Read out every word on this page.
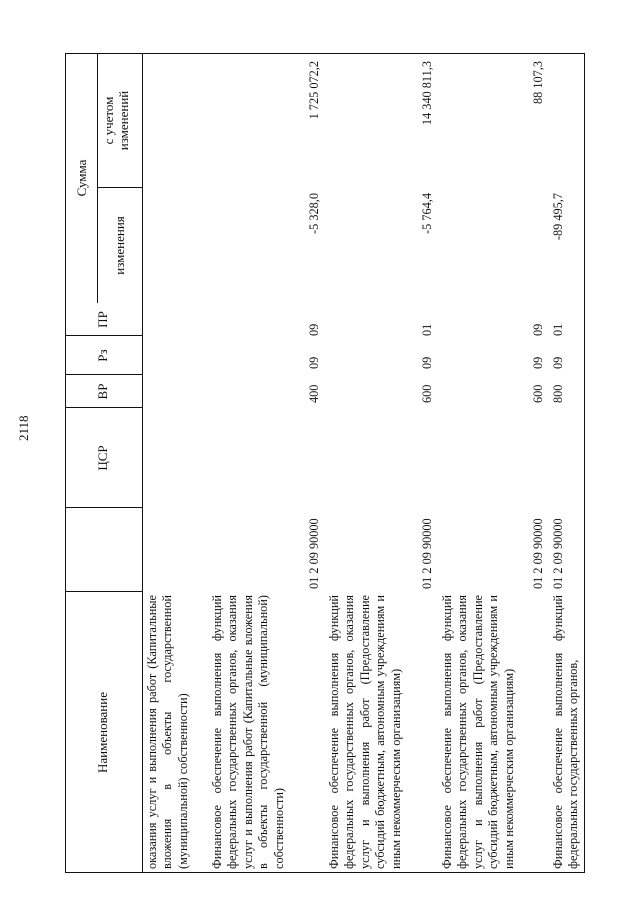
2118
Наименование
ЦСР
ВР
Рз
ПР
Сумма
изменения
с учетом изменений
оказания услуг и выполнения работ (Капитальные вложения в объекты государственной (муниципальной) собственности) Финансовое обеспечение выполнения функций федеральных государственных органов, оказания услуг и выполнения работ (Капитальные вложения в объекты государственной (муниципальной) собственности)
01 2 09 90000
400
09
09
-5 328,0
1 725 072,2
Финансовое обеспечение выполнения функций федеральных государственных органов, оказания услуг и выполнения работ (Предоставление субсидий бюджетным, автономным учреждениям и иным некоммерческим организациям)
01 2 09 90000
600
09
01
-5 764,4
14 340 811,3
Финансовое обеспечение выполнения функций федеральных государственных органов, оказания услуг и выполнения работ (Предоставление субсидий бюджетным, автономным учреждениям и иным некоммерческим организациям)
01 2 09 90000
600
09
09
88 107,3
Финансовое обеспечение выполнения функций федеральных государственных органов,
01 2 09 90000
800
09
01
-89 495,7
